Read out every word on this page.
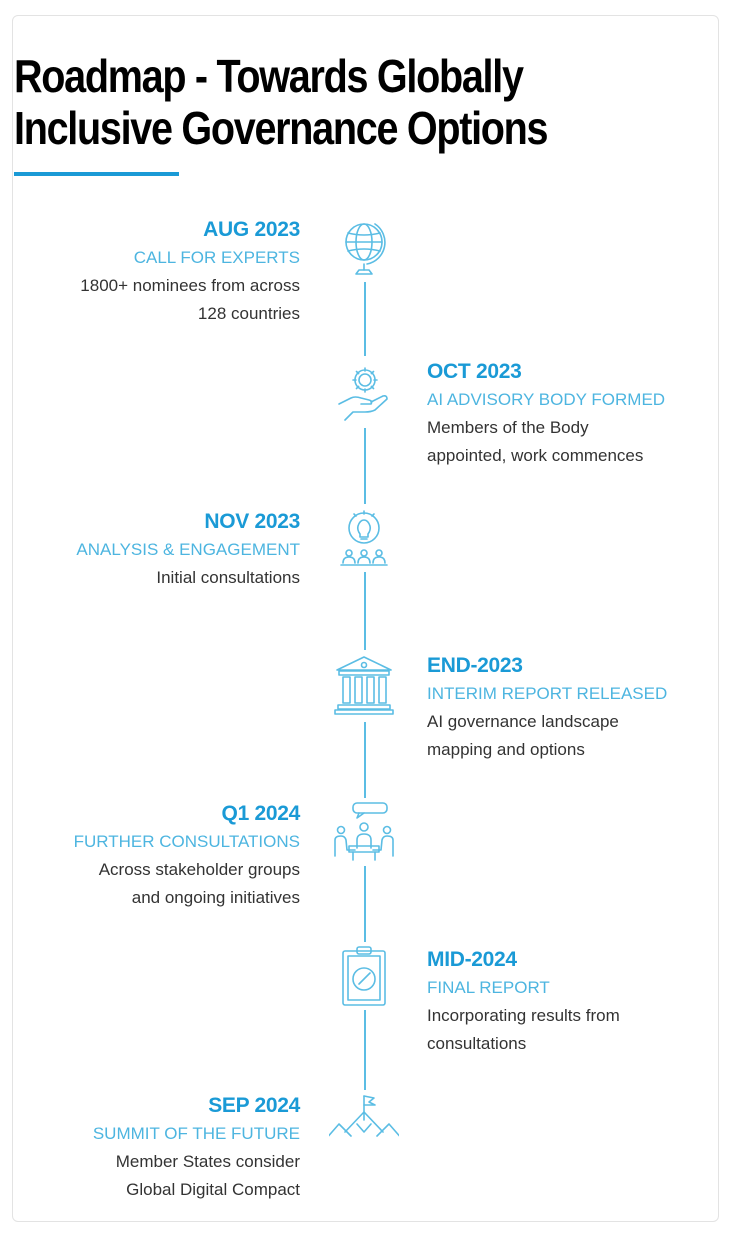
Roadmap - Towards Globally
Inclusive Governance Options
AUG 2023
CALL FOR EXPERTS
1800+ nominees from across
128 countries
OCT 2023
AI ADVISORY BODY FORMED
Members of the Body
appointed, work commences
NOV 2023
ANALYSIS & ENGAGEMENT
Initial consultations
END-2023
INTERIM REPORT RELEASED
AI governance landscape
mapping and options
Q1 2024
FURTHER CONSULTATIONS
Across stakeholder groups
and ongoing initiatives
MID-2024
FINAL REPORT
Incorporating results from
consultations
SEP 2024
SUMMIT OF THE FUTURE
Member States consider
Global Digital Compact
